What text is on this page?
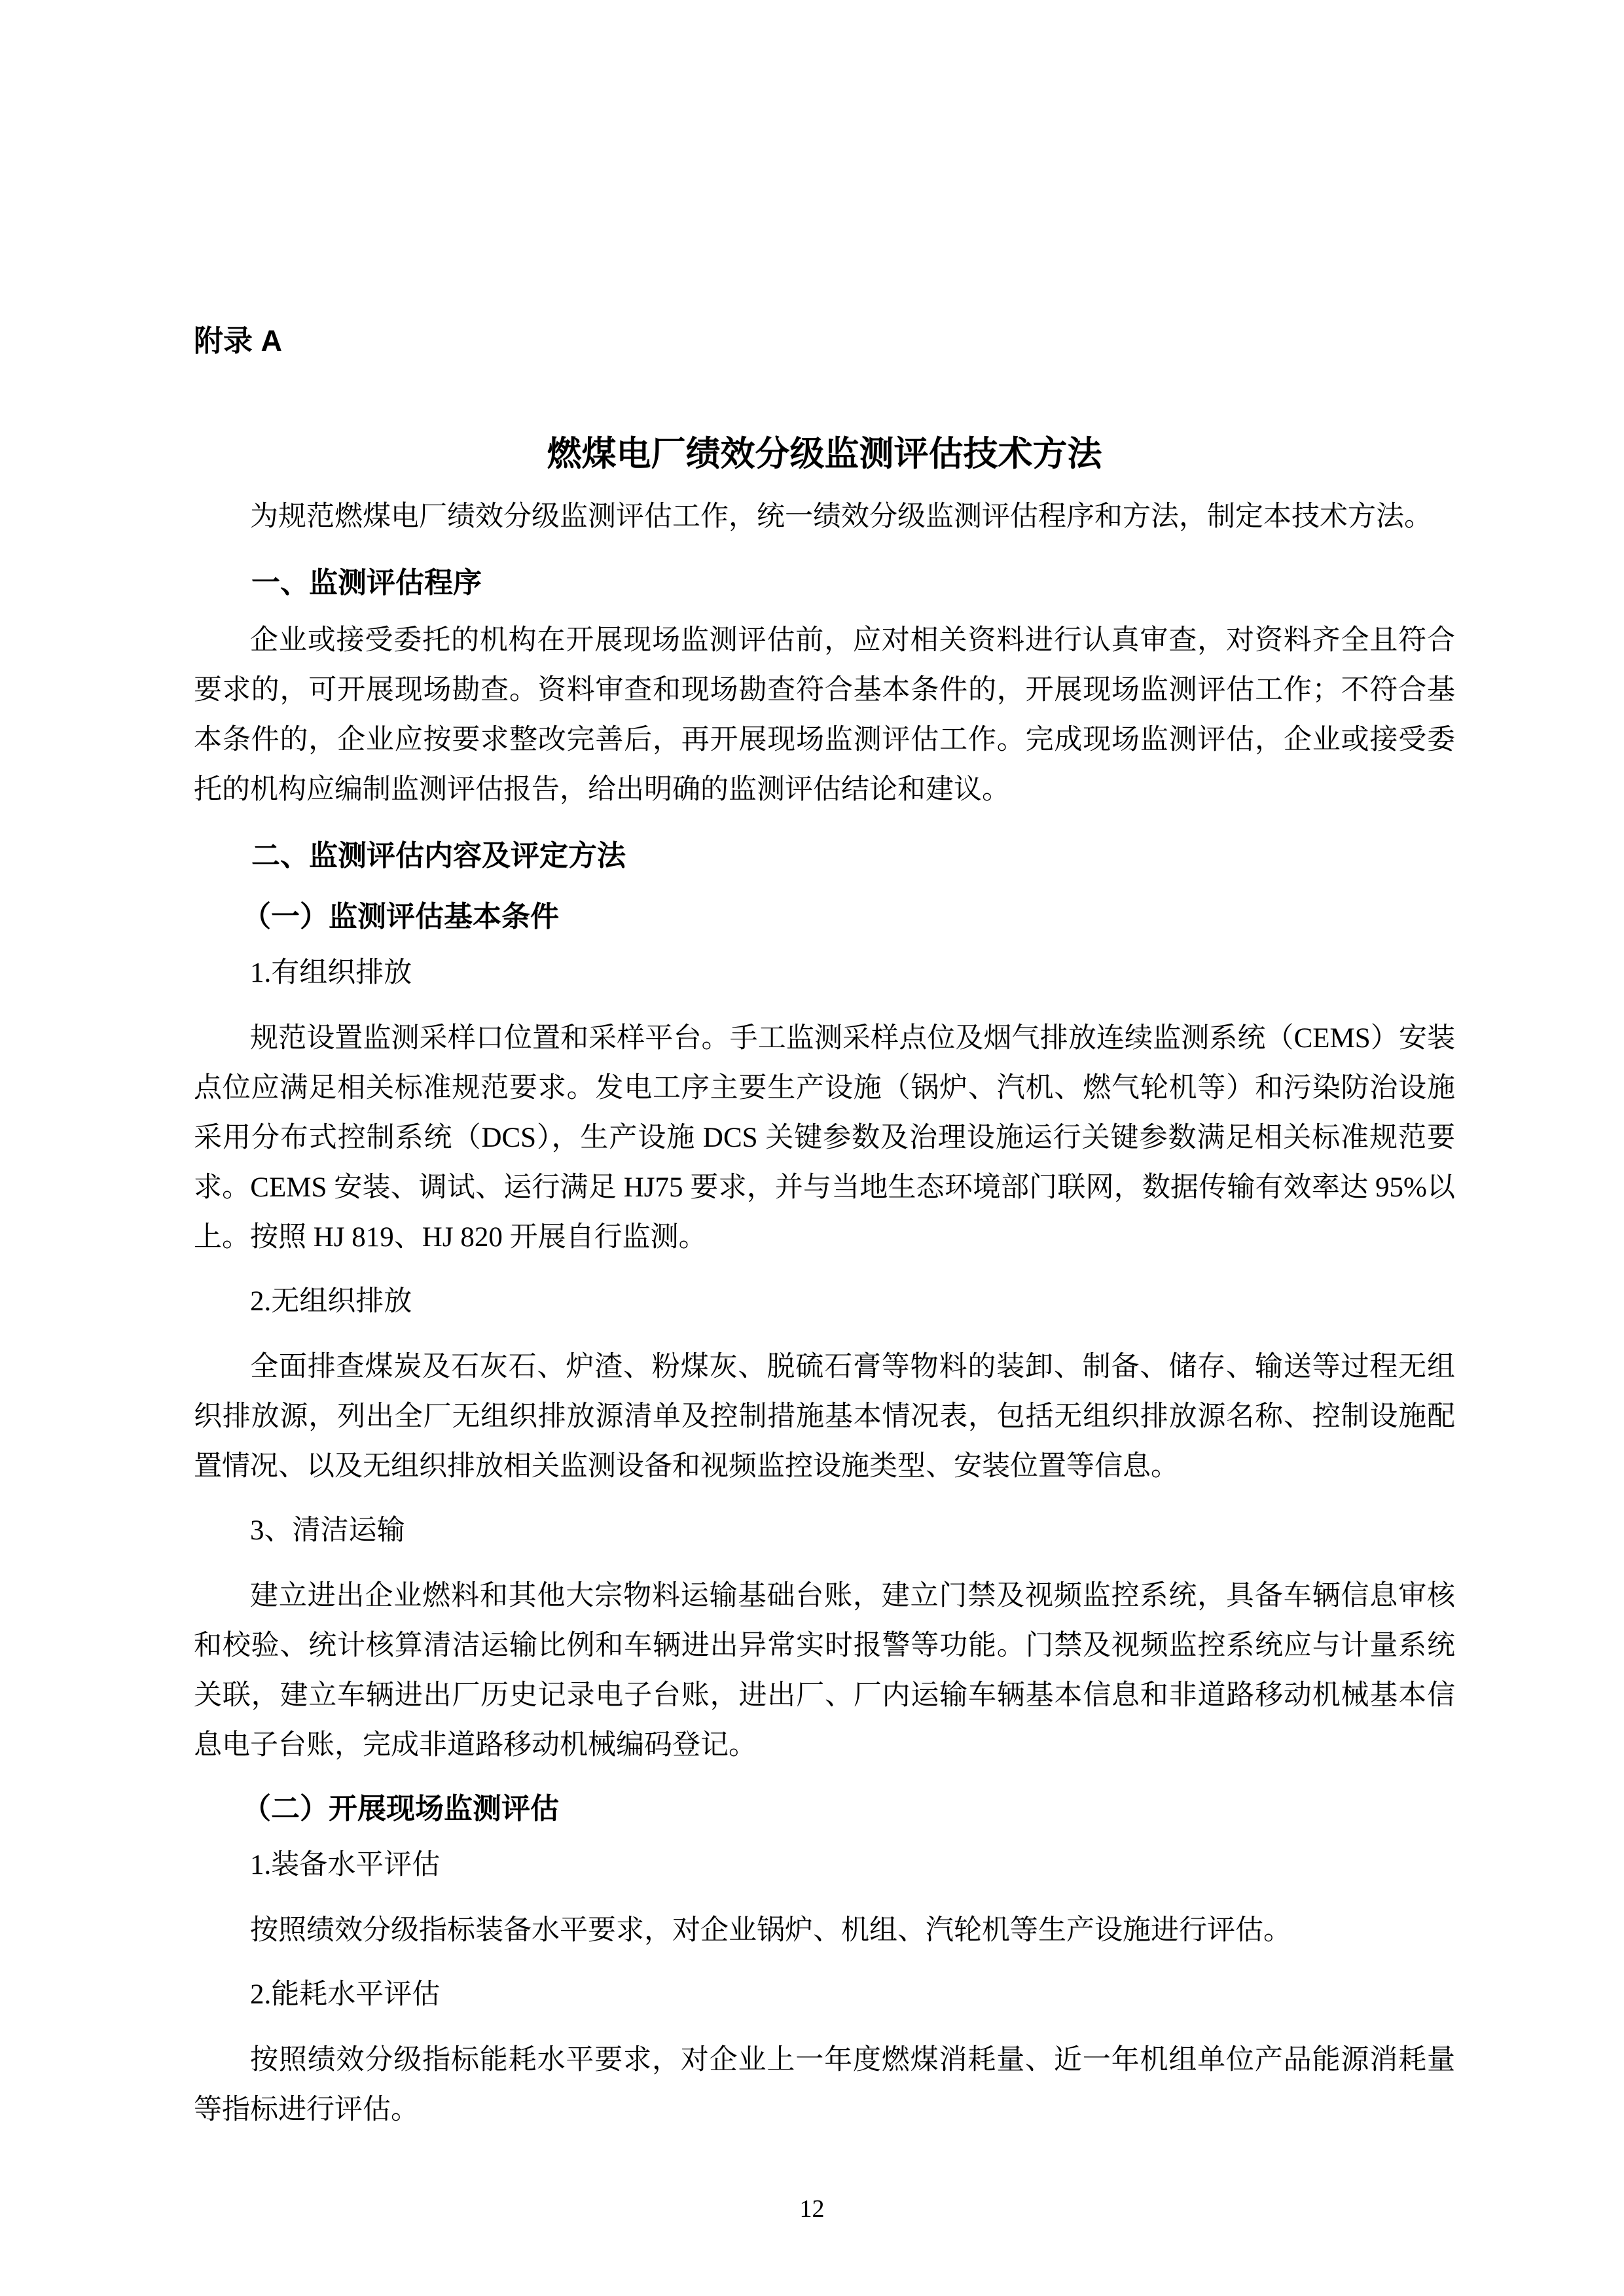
附录 A

燃煤电厂绩效分级监测评估技术方法

为规范燃煤电厂绩效分级监测评估工作，统一绩效分级监测评估程序和方法，制定本技术方法。

一、监测评估程序

企业或接受委托的机构在开展现场监测评估前，应对相关资料进行认真审查，对资料齐全且符合要求的，可开展现场勘查。资料审查和现场勘查符合基本条件的，开展现场监测评估工作；不符合基本条件的，企业应按要求整改完善后，再开展现场监测评估工作。完成现场监测评估，企业或接受委托的机构应编制监测评估报告，给出明确的监测评估结论和建议。

二、监测评估内容及评定方法
（一）监测评估基本条件

1.有组织排放

规范设置监测采样口位置和采样平台。手工监测采样点位及烟气排放连续监测系统（CEMS）安装点位应满足相关标准规范要求。发电工序主要生产设施（锅炉、汽机、燃气轮机等）和污染防治设施采用分布式控制系统（DCS），生产设施 DCS 关键参数及治理设施运行关键参数满足相关标准规范要求。CEMS 安装、调试、运行满足 HJ75 要求，并与当地生态环境部门联网，数据传输有效率达 95%以上。按照 HJ 819、HJ 820 开展自行监测。

2.无组织排放

全面排查煤炭及石灰石、炉渣、粉煤灰、脱硫石膏等物料的装卸、制备、储存、输送等过程无组织排放源，列出全厂无组织排放源清单及控制措施基本情况表，包括无组织排放源名称、控制设施配置情况、以及无组织排放相关监测设备和视频监控设施类型、安装位置等信息。

3、清洁运输

建立进出企业燃料和其他大宗物料运输基础台账，建立门禁及视频监控系统，具备车辆信息审核和校验、统计核算清洁运输比例和车辆进出异常实时报警等功能。门禁及视频监控系统应与计量系统关联，建立车辆进出厂历史记录电子台账，进出厂、厂内运输车辆基本信息和非道路移动机械基本信息电子台账，完成非道路移动机械编码登记。

（二）开展现场监测评估

1.装备水平评估

按照绩效分级指标装备水平要求，对企业锅炉、机组、汽轮机等生产设施进行评估。

2.能耗水平评估

按照绩效分级指标能耗水平要求，对企业上一年度燃煤消耗量、近一年机组单位产品能源消耗量等指标进行评估。

12
